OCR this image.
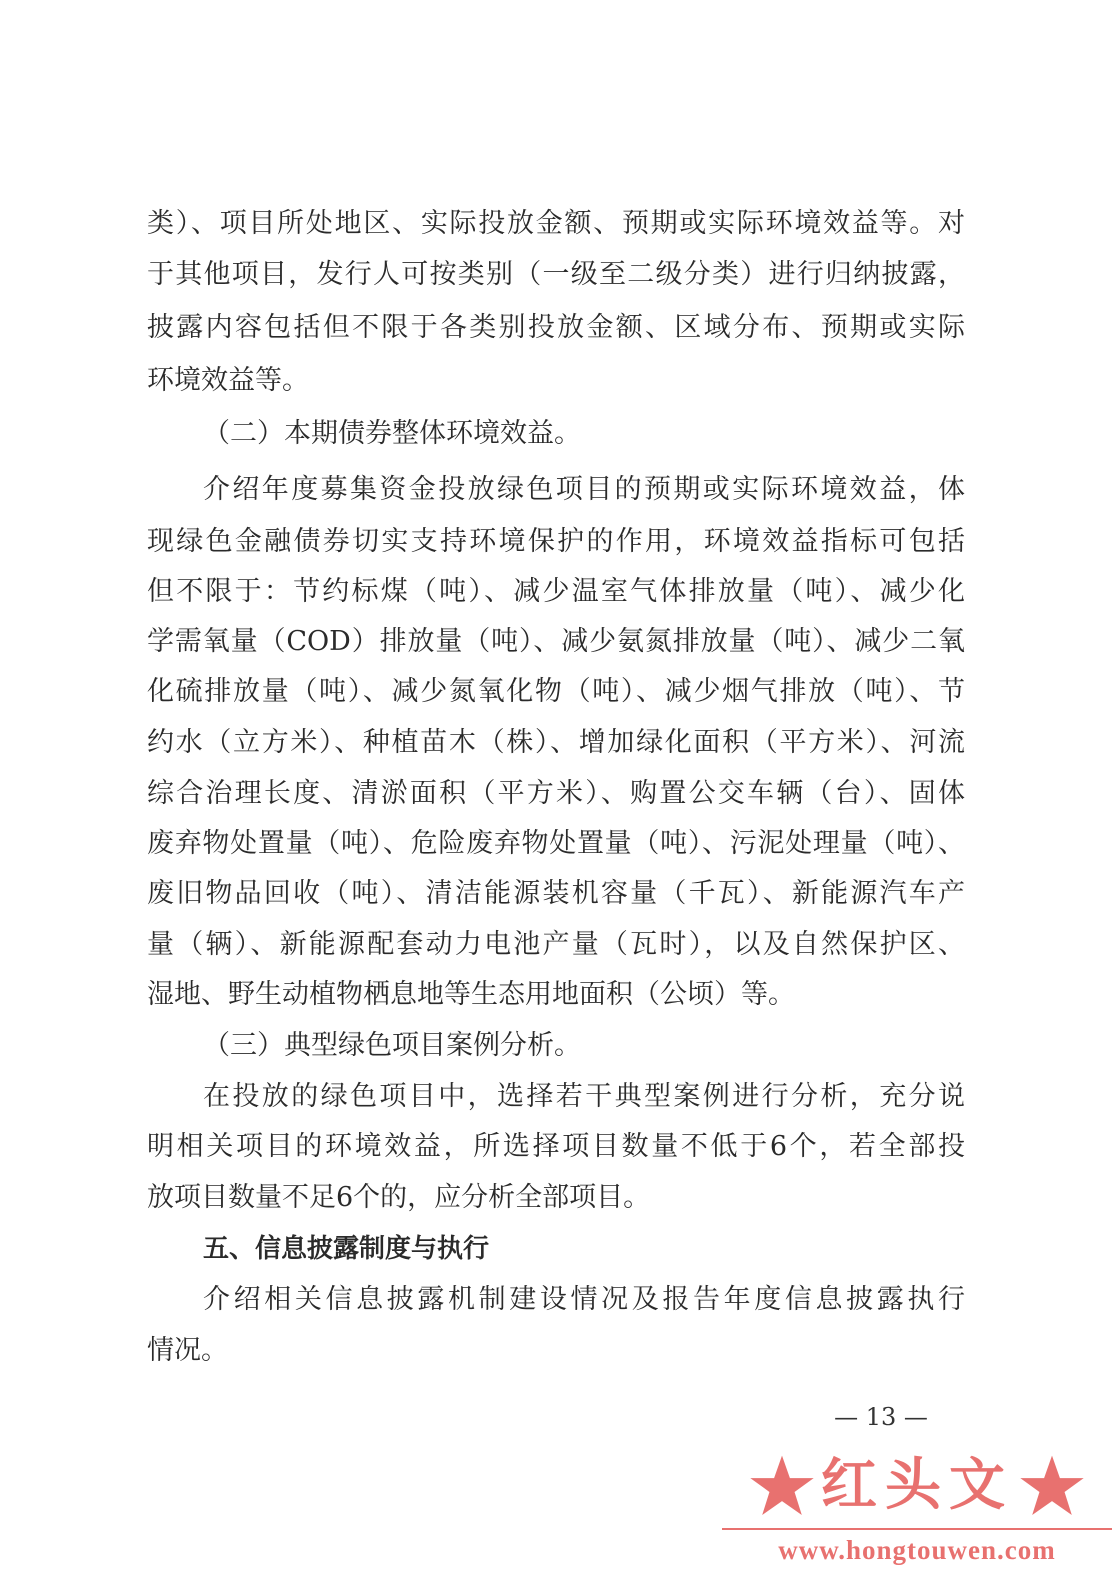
类）、项目所处地区、实际投放金额、预期或实际环境效益等。对
于其他项目，发行人可按类别（一级至二级分类）进行归纳披露，
披露内容包括但不限于各类别投放金额、区域分布、预期或实际
环境效益等。
（二）本期债券整体环境效益。
介绍年度募集资金投放绿色项目的预期或实际环境效益，体
现绿色金融债券切实支持环境保护的作用，环境效益指标可包括
但不限于：节约标煤（吨）、减少温室气体排放量（吨）、减少化
学需氧量（COD）排放量（吨）、减少氨氮排放量（吨）、减少二氧
化硫排放量（吨）、减少氮氧化物（吨）、减少烟气排放（吨）、节
约水（立方米）、种植苗木（株）、增加绿化面积（平方米）、河流
综合治理长度、清淤面积（平方米）、购置公交车辆（台）、固体
废弃物处置量（吨）、危险废弃物处置量（吨）、污泥处理量（吨）、
废旧物品回收（吨）、清洁能源装机容量（千瓦）、新能源汽车产
量（辆）、新能源配套动力电池产量（瓦时），以及自然保护区、
湿地、野生动植物栖息地等生态用地面积（公顷）等。
（三）典型绿色项目案例分析。
在投放的绿色项目中，选择若干典型案例进行分析，充分说
明相关项目的环境效益，所选择项目数量不低于6个，若全部投
放项目数量不足6个的，应分析全部项目。
五、信息披露制度与执行
介绍相关信息披露机制建设情况及报告年度信息披露执行
情况。
— 13 —
红头文
www.hongtouwen.com
